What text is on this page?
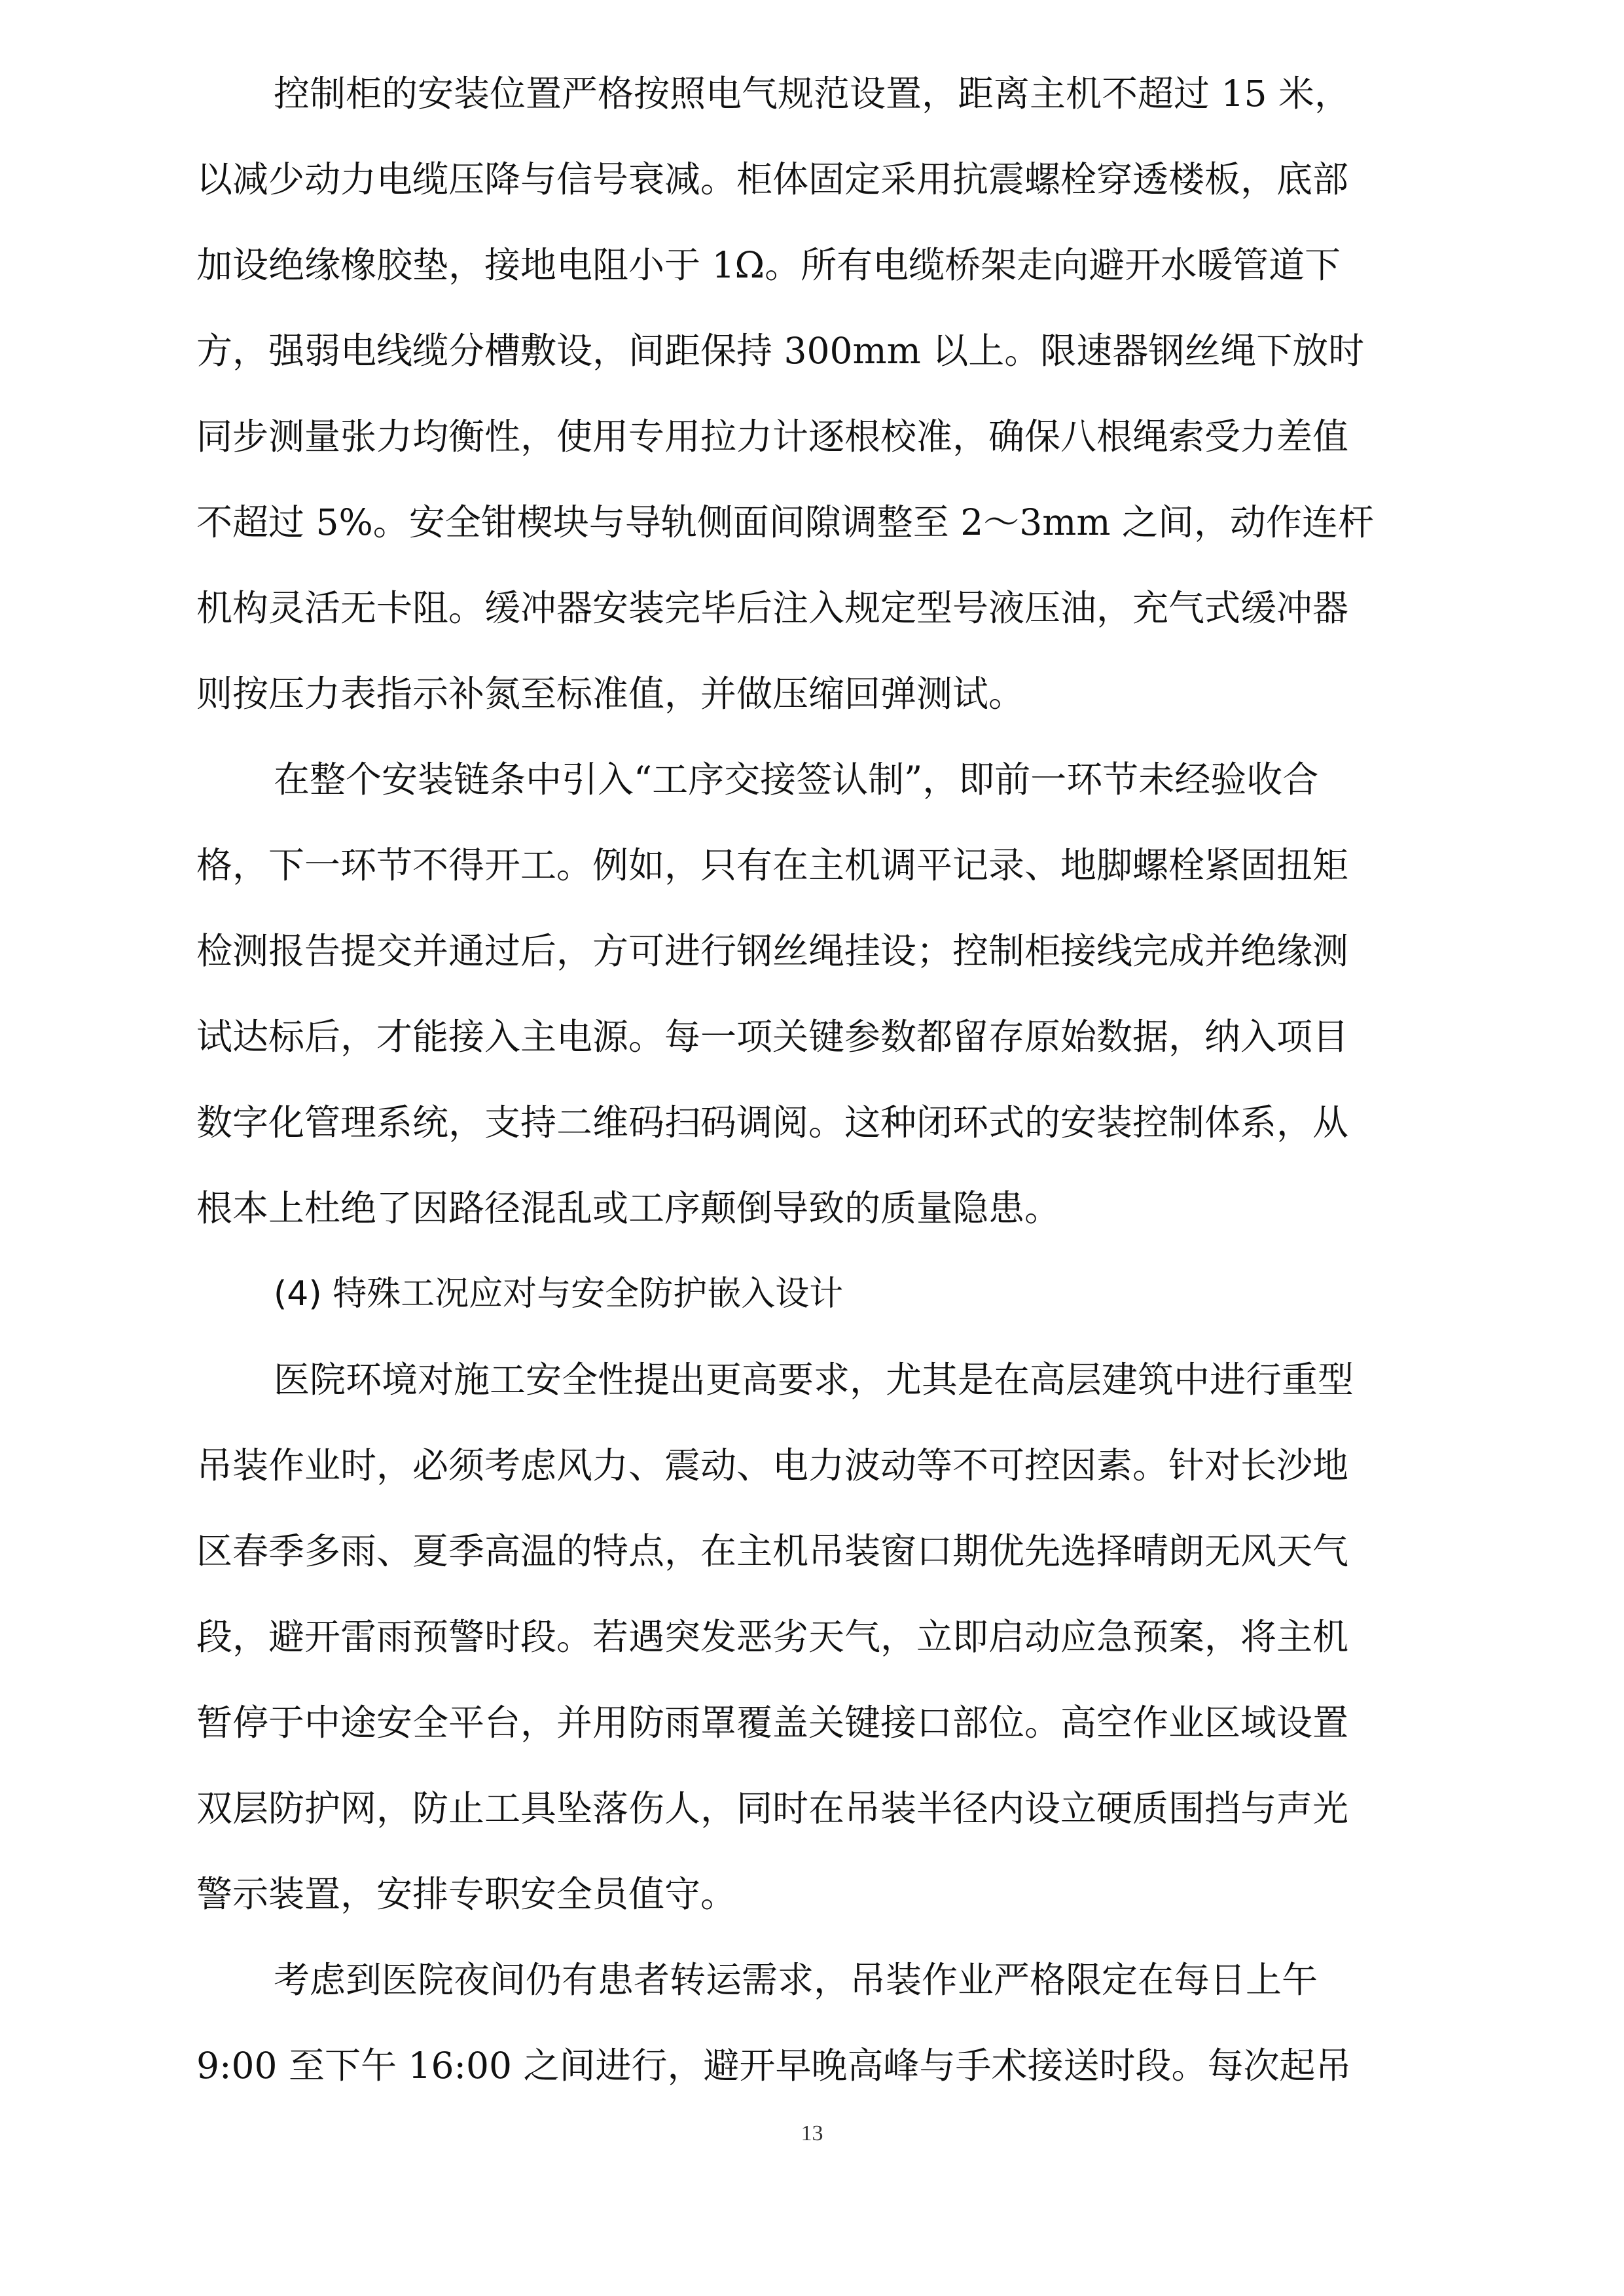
控制柜的安装位置严格按照电气规范设置，距离主机不超过 15 米，
以减少动力电缆压降与信号衰减。柜体固定采用抗震螺栓穿透楼板，底部
加设绝缘橡胶垫，接地电阻小于 1Ω。所有电缆桥架走向避开水暖管道下
方，强弱电线缆分槽敷设，间距保持 300mm 以上。限速器钢丝绳下放时
同步测量张力均衡性，使用专用拉力计逐根校准，确保八根绳索受力差值
不超过 5%。安全钳楔块与导轨侧面间隙调整至 2～3mm 之间，动作连杆
机构灵活无卡阻。缓冲器安装完毕后注入规定型号液压油，充气式缓冲器
则按压力表指示补氮至标准值，并做压缩回弹测试。
在整个安装链条中引入“工序交接签认制”，即前一环节未经验收合
格，下一环节不得开工。例如，只有在主机调平记录、地脚螺栓紧固扭矩
检测报告提交并通过后，方可进行钢丝绳挂设；控制柜接线完成并绝缘测
试达标后，才能接入主电源。每一项关键参数都留存原始数据，纳入项目
数字化管理系统，支持二维码扫码调阅。这种闭环式的安装控制体系，从
根本上杜绝了因路径混乱或工序颠倒导致的质量隐患。
(4) 特殊工况应对与安全防护嵌入设计
医院环境对施工安全性提出更高要求，尤其是在高层建筑中进行重型
吊装作业时，必须考虑风力、震动、电力波动等不可控因素。针对长沙地
区春季多雨、夏季高温的特点，在主机吊装窗口期优先选择晴朗无风天气
段，避开雷雨预警时段。若遇突发恶劣天气，立即启动应急预案，将主机
暂停于中途安全平台，并用防雨罩覆盖关键接口部位。高空作业区域设置
双层防护网，防止工具坠落伤人，同时在吊装半径内设立硬质围挡与声光
警示装置，安排专职安全员值守。
考虑到医院夜间仍有患者转运需求，吊装作业严格限定在每日上午
9:00 至下午 16:00 之间进行，避开早晚高峰与手术接送时段。每次起吊
13
